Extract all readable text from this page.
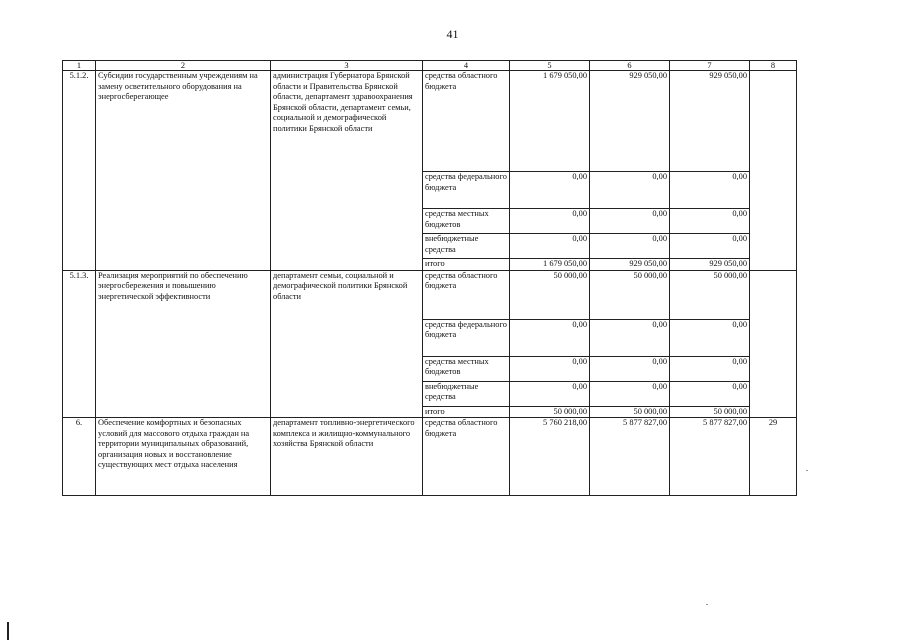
41
1	2	3	4	5	6	7	8
5.1.2.	Субсидии государственным учреждениям на замену осветительного оборудования на энергосберегающее	администрация Губернатора Брянской области и Правительства Брянской области, департамент здравоохранения Брянской области, департамент семьи, социальной и демографической политики Брянской области	средства областного бюджета	1 679 050,00	929 050,00	929 050,00	
			средства федерального бюджета	0,00	0,00	0,00	
			средства местных бюджетов	0,00	0,00	0,00	
			внебюджетные средства	0,00	0,00	0,00	
			итого	1 679 050,00	929 050,00	929 050,00	
5.1.3.	Реализация мероприятий по обеспечению энергосбережения и повышению энергетической эффективности	департамент семьи, социальной и демографической политики Брянской области	средства областного бюджета	50 000,00	50 000,00	50 000,00	
			средства федерального бюджета	0,00	0,00	0,00	
			средства местных бюджетов	0,00	0,00	0,00	
			внебюджетные средства	0,00	0,00	0,00	
			итого	50 000,00	50 000,00	50 000,00	
6.	Обеспечение комфортных и безопасных условий для массового отдыха граждан на территории муниципальных образований, организация новых и восстановление существующих мест отдыха населения	департамент топливно-энергетического комплекса и жилищно-коммунального хозяйства Брянской области	средства областного бюджета	5 760 218,00	5 877 827,00	5 877 827,00	29
